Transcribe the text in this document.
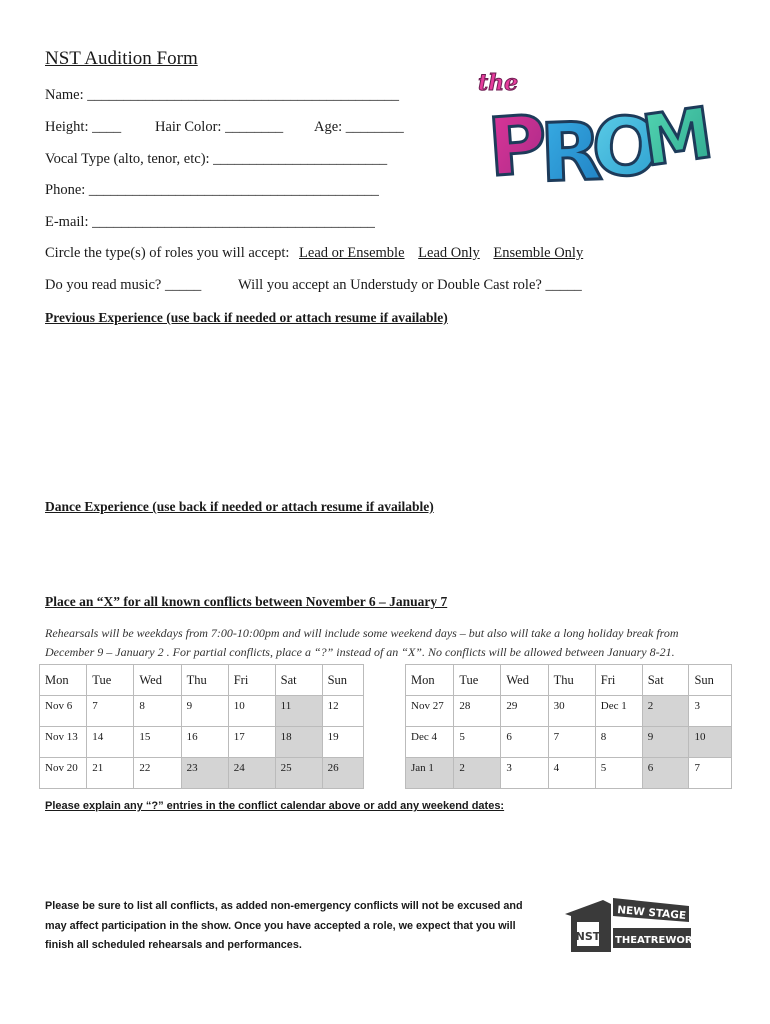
NST Audition Form
Name: ___________________________________________
Height: ____ Hair Color: ________ Age: ________
Vocal Type (alto, tenor, etc): ________________________
Phone: ________________________________________
E-mail: _______________________________________
Circle the type(s) of roles you will accept: Lead or Ensemble Lead Only Ensemble Only
Do you read music? _____	Will you accept an Understudy or Double Cast role? _____
Previous Experience (use back if needed or attach resume if available)
Dance Experience (use back if needed or attach resume if available)
Place an “X” for all known conflicts between November 6 – January 7
Rehearsals will be weekdays from 7:00-10:00pm and will include some weekend days – but also will take a long holiday break from December 9 – January 2 . For partial conflicts, place a “?” instead of an “X”. No conflicts will be allowed between January 8-21.
Mon	Tue	Wed	Thu	Fri	Sat	Sun
Nov 6	7	8	9	10	11	12
Nov 13	14	15	16	17	18	19
Nov 20	21	22	23	24	25	26
Mon	Tue	Wed	Thu	Fri	Sat	Sun
Nov 27	28	29	30	Dec 1	2	3
Dec 4	5	6	7	8	9	10
Jan 1	2	3	4	5	6	7
Please explain any “?” entries in the conflict calendar above or add any weekend dates:
Please be sure to list all conflicts, as added non-emergency conflicts will not be excused and may affect participation in the show. Once you have accepted a role, we expect that you will finish all scheduled rehearsals and performances.
the
P
R
O
M
NST
NEW STAGE
THEATREWORKS
